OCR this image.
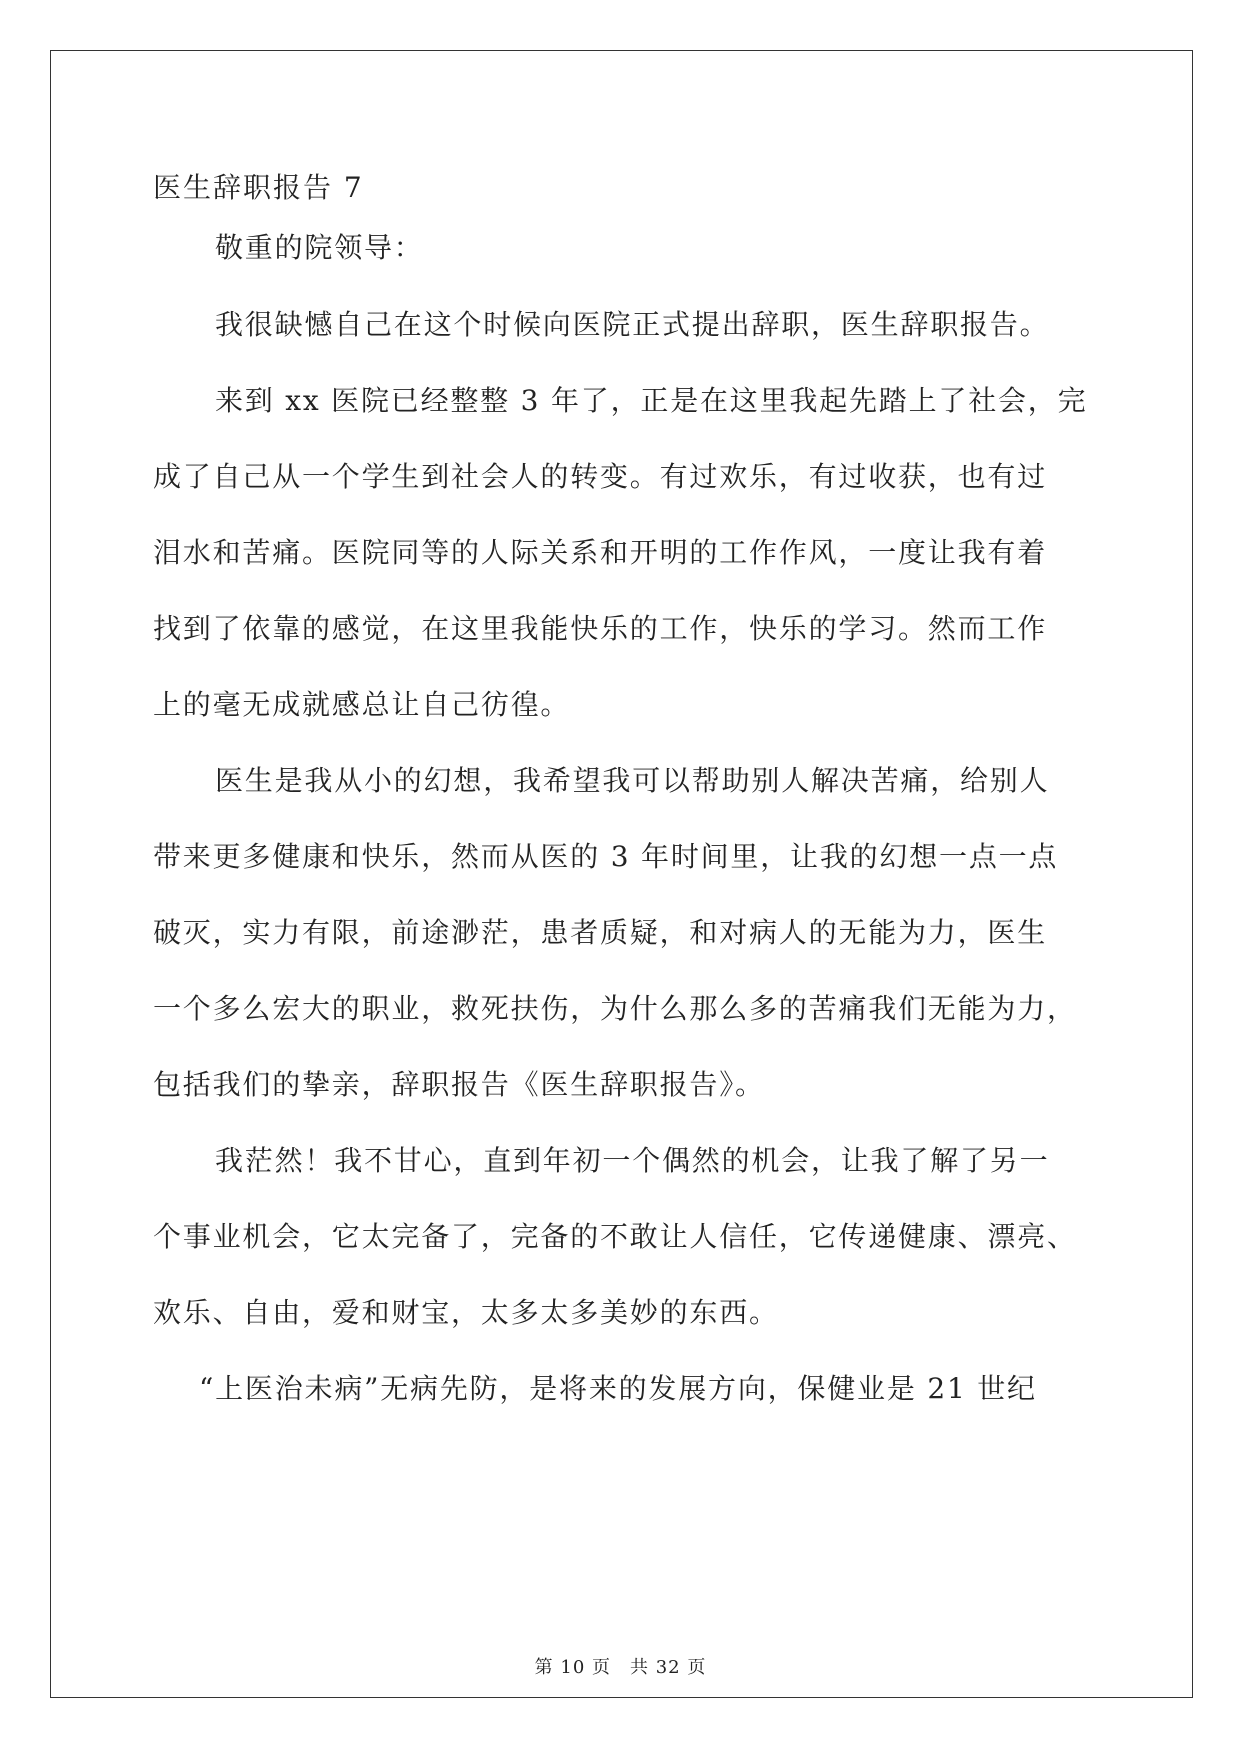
医生辞职报告 7
敬重的院领导：
我很缺憾自己在这个时候向医院正式提出辞职，医生辞职报告。
来到 xx 医院已经整整 3 年了，正是在这里我起先踏上了社会，完
成了自己从一个学生到社会人的转变。有过欢乐，有过收获，也有过
泪水和苦痛。医院同等的人际关系和开明的工作作风，一度让我有着
找到了依靠的感觉，在这里我能快乐的工作，快乐的学习。然而工作
上的毫无成就感总让自己彷徨。
医生是我从小的幻想，我希望我可以帮助别人解决苦痛，给别人
带来更多健康和快乐，然而从医的 3 年时间里，让我的幻想一点一点
破灭，实力有限，前途渺茫，患者质疑，和对病人的无能为力，医生
一个多么宏大的职业，救死扶伤，为什么那么多的苦痛我们无能为力，
包括我们的挚亲，辞职报告《医生辞职报告》。
我茫然！我不甘心，直到年初一个偶然的机会，让我了解了另一
个事业机会，它太完备了，完备的不敢让人信任，它传递健康、漂亮、
欢乐、自由，爱和财宝，太多太多美妙的东西。
“上医治未病”无病先防，是将来的发展方向，保健业是 21 世纪
第 10 页　共 32 页
